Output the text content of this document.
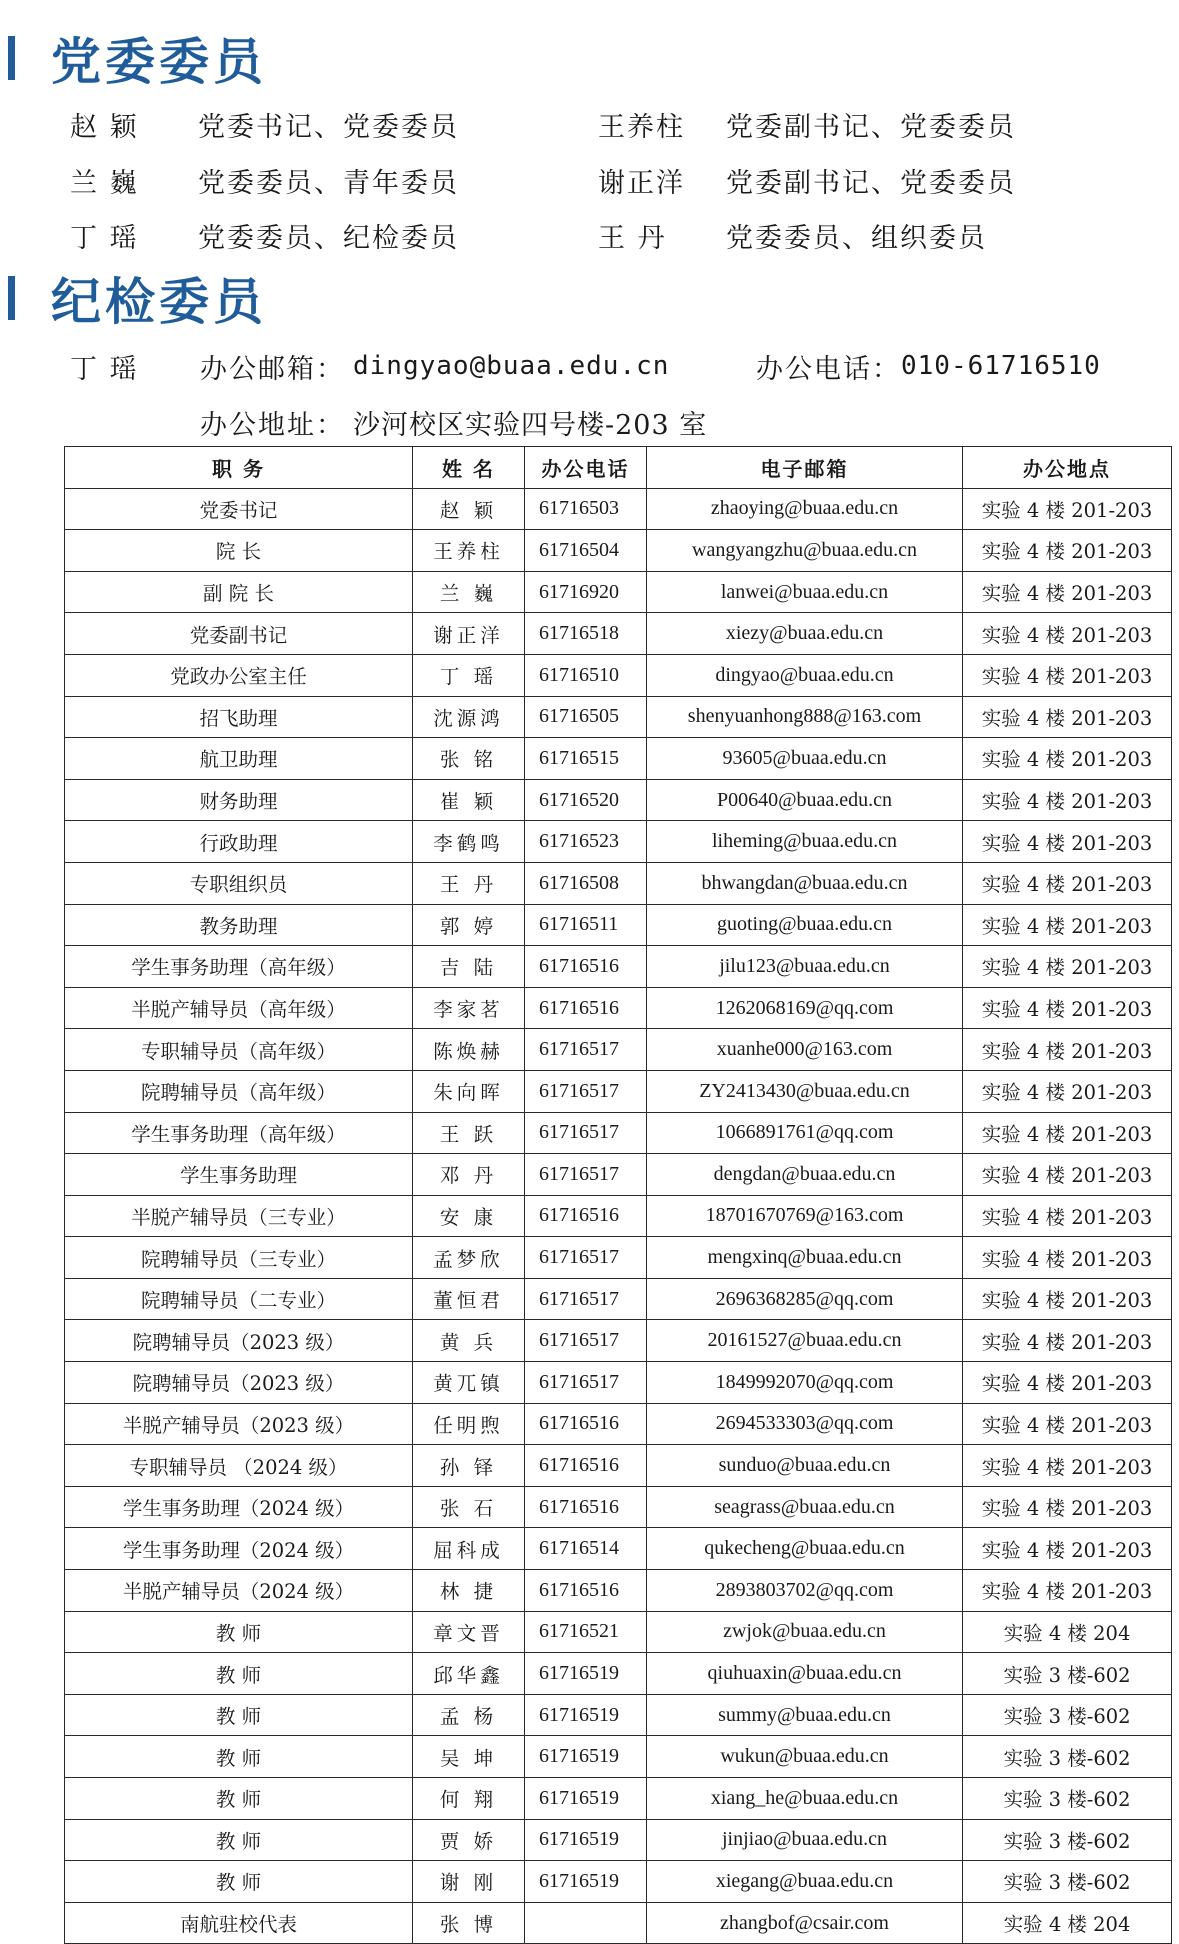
党委委员
赵 颖	党委书记、党委委员	王养柱	党委副书记、党委委员
兰 巍	党委委员、青年委员	谢正洋	党委副书记、党委委员
丁 瑶	党委委员、纪检委员	王 丹	党委委员、组织委员
纪检委员
丁 瑶	办公邮箱： dingyao@buaa.edu.cn	办公电话： 010-61716510
办公地址： 沙河校区实验四号楼-203 室
职 务	姓 名	办公电话	电子邮箱	办公地点
党委书记	赵 颖	61716503	zhaoying@buaa.edu.cn	实验 4 楼 201-203
院 长	王养柱	61716504	wangyangzhu@buaa.edu.cn	实验 4 楼 201-203
副 院 长	兰 巍	61716920	lanwei@buaa.edu.cn	实验 4 楼 201-203
党委副书记	谢正洋	61716518	xiezy@buaa.edu.cn	实验 4 楼 201-203
党政办公室主任	丁 瑶	61716510	dingyao@buaa.edu.cn	实验 4 楼 201-203
招飞助理	沈源鸿	61716505	shenyuanhong888@163.com	实验 4 楼 201-203
航卫助理	张 铭	61716515	93605@buaa.edu.cn	实验 4 楼 201-203
财务助理	崔 颖	61716520	P00640@buaa.edu.cn	实验 4 楼 201-203
行政助理	李鹤鸣	61716523	liheming@buaa.edu.cn	实验 4 楼 201-203
专职组织员	王 丹	61716508	bhwangdan@buaa.edu.cn	实验 4 楼 201-203
教务助理	郭 婷	61716511	guoting@buaa.edu.cn	实验 4 楼 201-203
学生事务助理（高年级）	吉 陆	61716516	jilu123@buaa.edu.cn	实验 4 楼 201-203
半脱产辅导员（高年级）	李家茗	61716516	1262068169@qq.com	实验 4 楼 201-203
专职辅导员（高年级）	陈焕赫	61716517	xuanhe000@163.com	实验 4 楼 201-203
院聘辅导员（高年级）	朱向晖	61716517	ZY2413430@buaa.edu.cn	实验 4 楼 201-203
学生事务助理（高年级）	王 跃	61716517	1066891761@qq.com	实验 4 楼 201-203
学生事务助理	邓 丹	61716517	dengdan@buaa.edu.cn	实验 4 楼 201-203
半脱产辅导员（三专业）	安 康	61716516	18701670769@163.com	实验 4 楼 201-203
院聘辅导员（三专业）	孟梦欣	61716517	mengxinq@buaa.edu.cn	实验 4 楼 201-203
院聘辅导员（二专业）	董恒君	61716517	2696368285@qq.com	实验 4 楼 201-203
院聘辅导员（2023 级）	黄 兵	61716517	20161527@buaa.edu.cn	实验 4 楼 201-203
院聘辅导员（2023 级）	黄兀镇	61716517	1849992070@qq.com	实验 4 楼 201-203
半脱产辅导员（2023 级）	任明煦	61716516	2694533303@qq.com	实验 4 楼 201-203
专职辅导员 （2024 级）	孙 铎	61716516	sunduo@buaa.edu.cn	实验 4 楼 201-203
学生事务助理（2024 级）	张 石	61716516	seagrass@buaa.edu.cn	实验 4 楼 201-203
学生事务助理（2024 级）	屈科成	61716514	qukecheng@buaa.edu.cn	实验 4 楼 201-203
半脱产辅导员（2024 级）	林 捷	61716516	2893803702@qq.com	实验 4 楼 201-203
教 师	章文晋	61716521	zwjok@buaa.edu.cn	实验 4 楼 204
教 师	邱华鑫	61716519	qiuhuaxin@buaa.edu.cn	实验 3 楼-602
教 师	孟 杨	61716519	summy@buaa.edu.cn	实验 3 楼-602
教 师	吴 坤	61716519	wukun@buaa.edu.cn	实验 3 楼-602
教 师	何 翔	61716519	xiang_he@buaa.edu.cn	实验 3 楼-602
教 师	贾 娇	61716519	jinjiao@buaa.edu.cn	实验 3 楼-602
教 师	谢 刚	61716519	xiegang@buaa.edu.cn	实验 3 楼-602
南航驻校代表	张 博		zhangbof@csair.com	实验 4 楼 204
